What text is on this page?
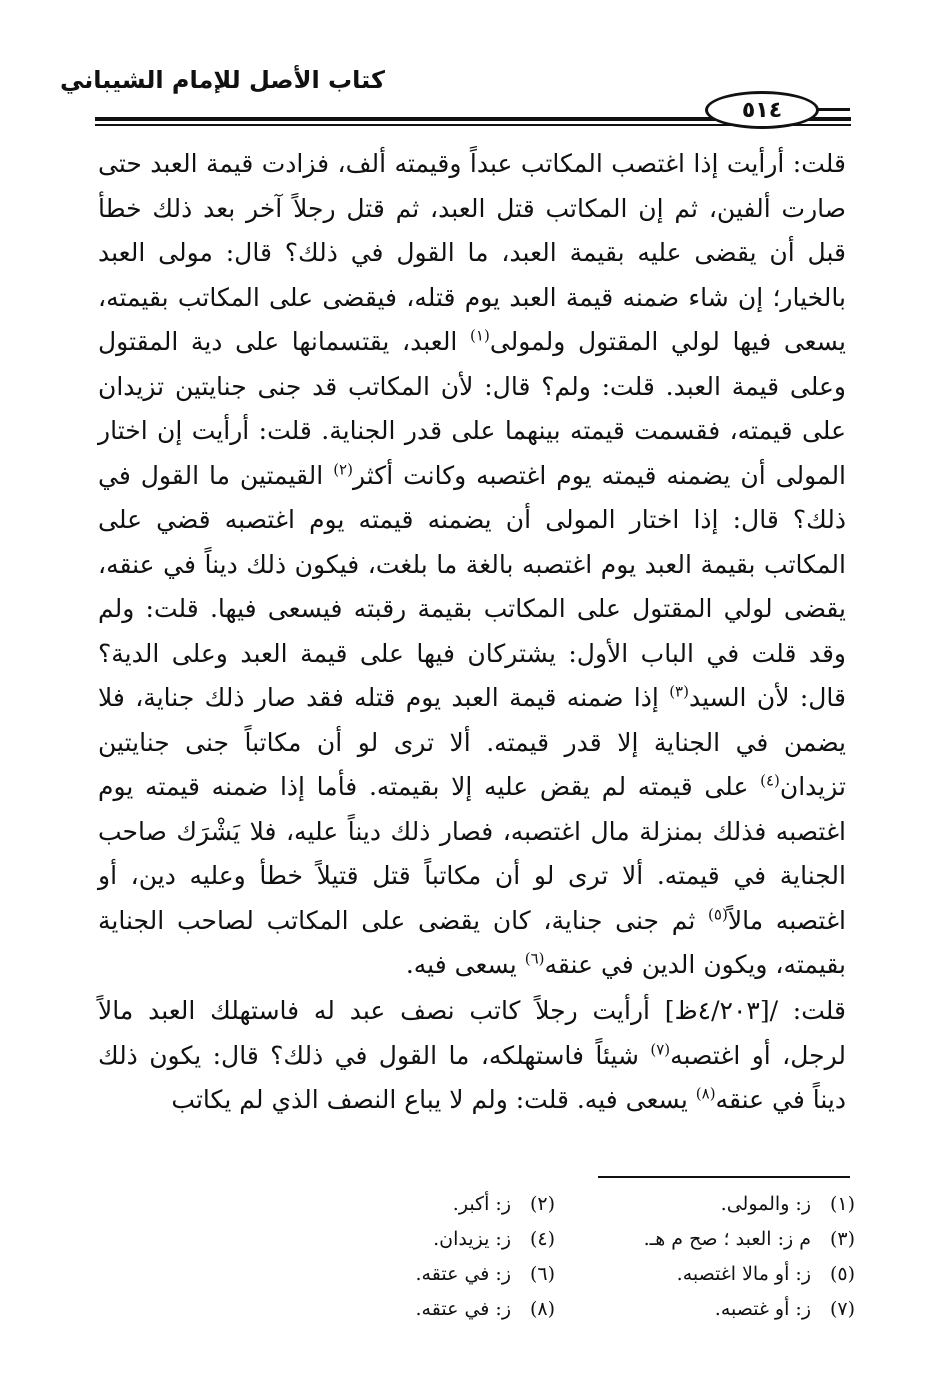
كتاب الأصل للإمام الشيباني
٥١٤
قلت: أرأيت إذا اغتصب المكاتب عبداً وقيمته ألف، فزادت قيمة العبد حتى صارت ألفين، ثم إن المكاتب قتل العبد، ثم قتل رجلاً آخر بعد ذلك خطأ قبل أن يقضى عليه بقيمة العبد، ما القول في ذلك؟ قال: مولى العبد بالخيار؛ إن شاء ضمنه قيمة العبد يوم قتله، فيقضى على المكاتب بقيمته، يسعى فيها لولي المقتول ولمولى$^{(١)}$ العبد، يقتسمانها على دية المقتول وعلى قيمة العبد. قلت: ولم؟ قال: لأن المكاتب قد جنى جنايتين تزيدان على قيمته، فقسمت قيمته بينهما على قدر الجناية. قلت: أرأيت إن اختار المولى أن يضمنه قيمته يوم اغتصبه وكانت أكثر$^{(٢)}$ القيمتين ما القول في ذلك؟ قال: إذا اختار المولى أن يضمنه قيمته يوم اغتصبه قضي على المكاتب بقيمة العبد يوم اغتصبه بالغة ما بلغت، فيكون ذلك ديناً في عنقه، يقضى لولي المقتول على المكاتب بقيمة رقبته فيسعى فيها. قلت: ولم وقد قلت في الباب الأول: يشتركان فيها على قيمة العبد وعلى الدية؟ قال: لأن السيد$^{(٣)}$ إذا ضمنه قيمة العبد يوم قتله فقد صار ذلك جناية، فلا يضمن في الجناية إلا قدر قيمته. ألا ترى لو أن مكاتباً جنى جنايتين تزيدان$^{(٤)}$ على قيمته لم يقض عليه إلا بقيمته. فأما إذا ضمنه قيمته يوم اغتصبه فذلك بمنزلة مال اغتصبه، فصار ذلك ديناً عليه، فلا يَشْرَك صاحب الجناية في قيمته. ألا ترى لو أن مكاتباً قتل قتيلاً خطأ وعليه دين، أو اغتصبه مالاً$^{(٥)}$ ثم جنى جناية، كان يقضى على المكاتب لصاحب الجناية بقيمته، ويكون الدين في عنقه$^{(٦)}$ يسعى فيه.
قلت: /[٤/٢٠٣ظ] أرأيت رجلاً كاتب نصف عبد له فاستهلك العبد مالاً لرجل، أو اغتصبه$^{(٧)}$ شيئاً فاستهلكه، ما القول في ذلك؟ قال: يكون ذلك ديناً في عنقه$^{(٨)}$ يسعى فيه. قلت: ولم لا يباع النصف الذي لم يكاتب
(١)ز: والمولى.
(٢)ز: أكبر.
(٣)م ز: العبد ؛ صح م هـ.
(٤)ز: يزيدان.
(٥)ز: أو مالا اغتصبه.
(٦)ز: في عتقه.
(٧)ز: أو غتصبه.
(٨)ز: في عتقه.
